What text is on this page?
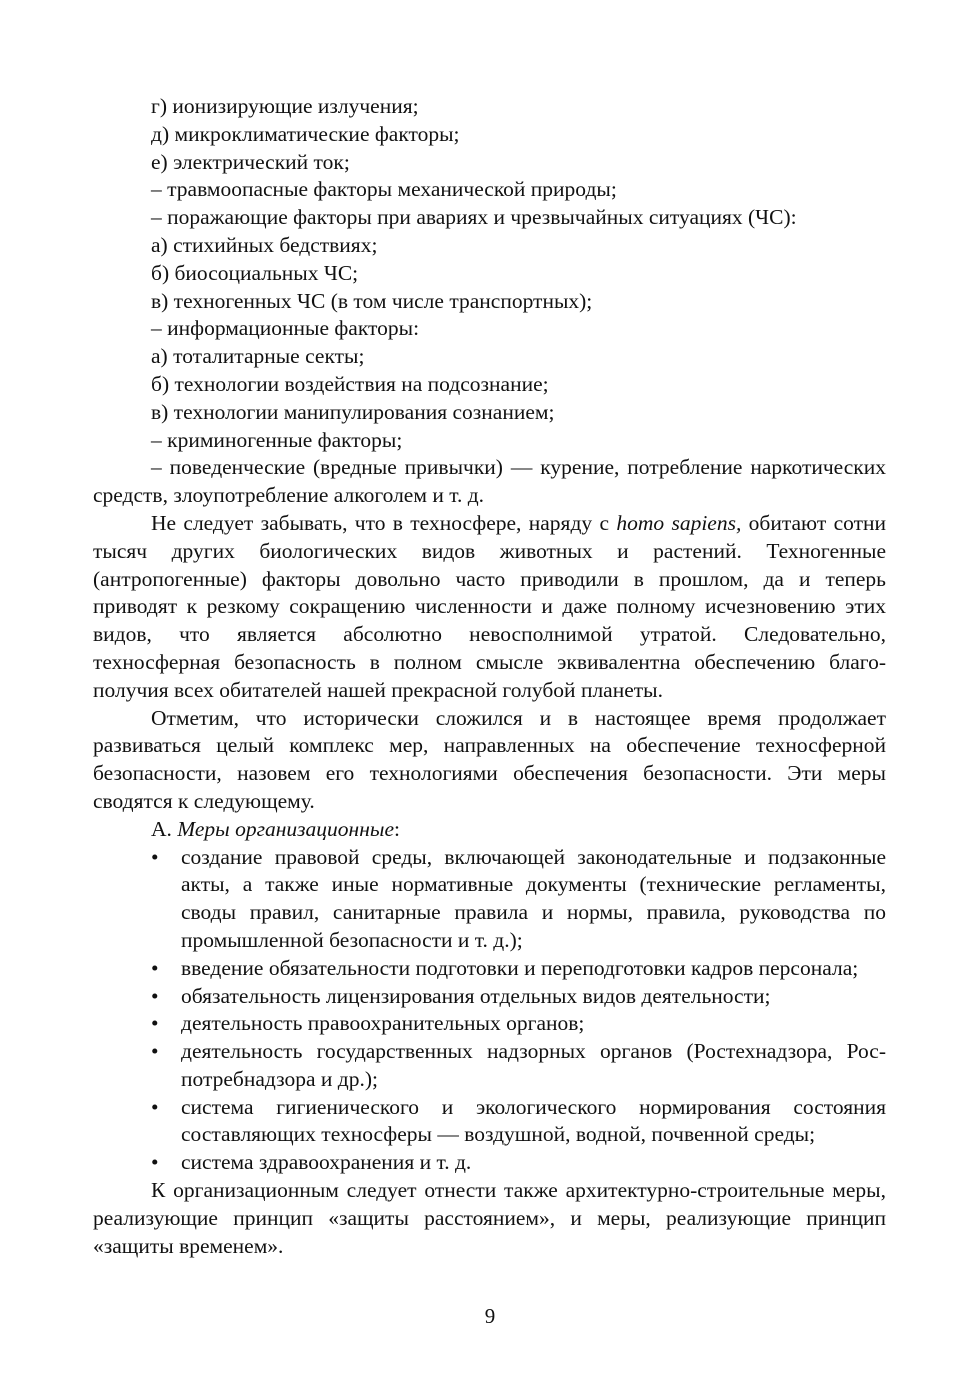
г) ионизирующие излучения;

д) микроклиматические факторы;

е) электрический ток;

– травмоопасные факторы механической природы;

– поражающие факторы при авариях и чрезвычайных ситуациях (ЧС):

а) стихийных бедствиях;

б) биосоциальных ЧС;

в) техногенных ЧС (в том числе транспортных);

– информационные факторы:

а) тоталитарные секты;

б) технологии воздействия на подсознание;

в) технологии манипулирования сознанием;

– криминогенные факторы;

– поведенческие (вредные привычки) — курение, потребление наркотических средств, злоупотребление алкоголем и т. д.

Не следует забывать, что в техносфере, наряду с homo sapiens, обитают сотни тысяч других биологических видов животных и растений. Техногенные (антропогенные) факторы довольно часто приводили в прошлом, да и теперь приводят к резкому сокращению численности и даже полному исчезновению этих видов, что является абсолютно невосполнимой утратой. Следовательно, техносферная безопасность в полном смысле эквивалентна обеспечению благополучия всех обитателей нашей прекрасной голубой планеты.

Отметим, что исторически сложился и в настоящее время продолжает развиваться целый комплекс мер, направленных на обеспечение техносферной безопасности, назовем его технологиями обеспечения безопасности. Эти меры сводятся к следующему.

А. Меры организационные:

• создание правовой среды, включающей законодательные и подзаконные акты, а также иные нормативные документы (технические регламенты, своды правил, санитарные правила и нормы, правила, руководства по промышленной безопасности и т. д.);
• введение обязательности подготовки и переподготовки кадров персонала;
• обязательность лицензирования отдельных видов деятельности;
• деятельность правоохранительных органов;
• деятельность государственных надзорных органов (Ростехнадзора, Роспотребнадзора и др.);
• система гигиенического и экологического нормирования состояния составляющих техносферы — воздушной, водной, почвенной среды;
• система здравоохранения и т. д.

К организационным следует отнести также архитектурно-строительные меры, реализующие принцип «защиты расстоянием», и меры, реализующие принцип «защиты временем».

9
